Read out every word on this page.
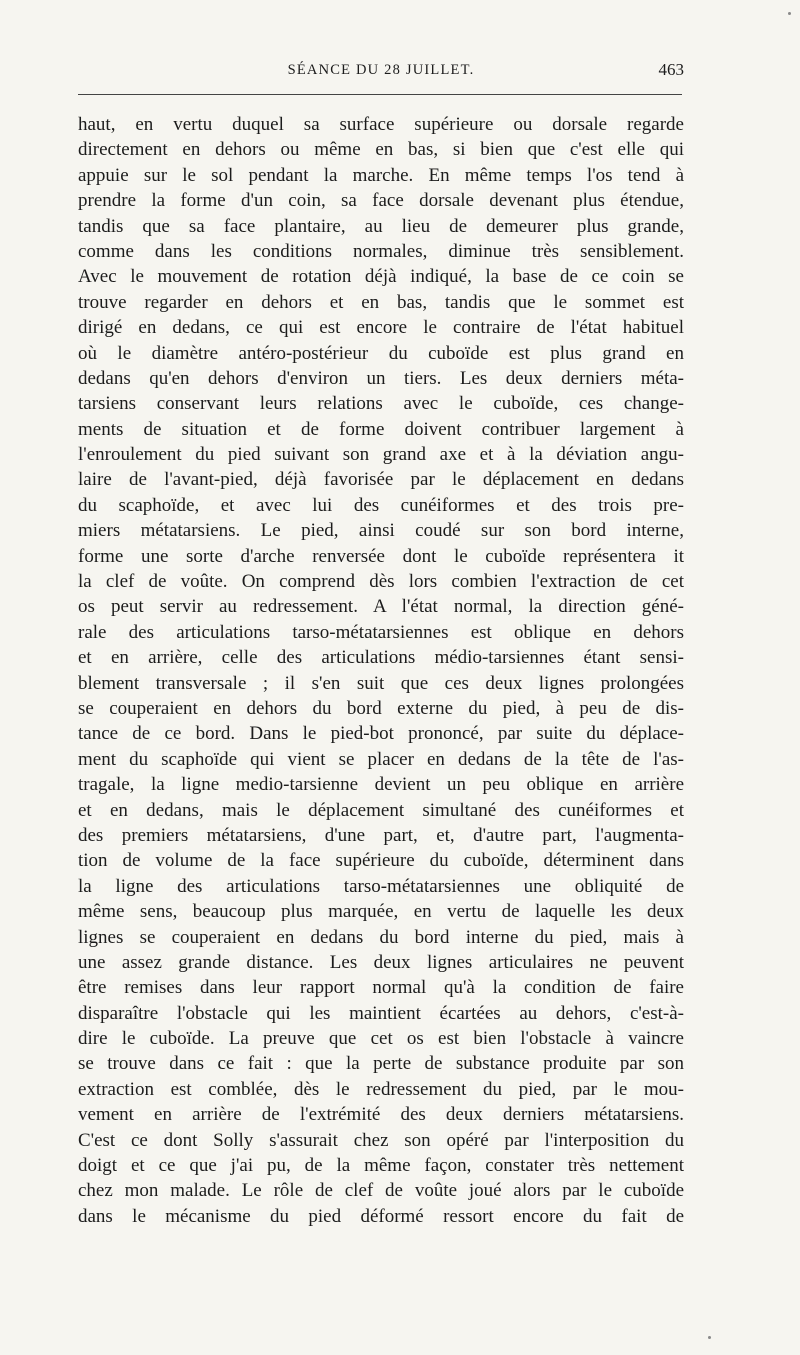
SÉANCE DU 28 JUILLET.	463
haut, en vertu duquel sa surface supérieure ou dorsale regarde
directement en dehors ou même en bas, si bien que c'est elle qui
appuie sur le sol pendant la marche. En même temps l'os tend à
prendre la forme d'un coin, sa face dorsale devenant plus étendue,
tandis que sa face plantaire, au lieu de demeurer plus grande,
comme dans les conditions normales, diminue très sensiblement.
Avec le mouvement de rotation déjà indiqué, la base de ce coin se
trouve regarder en dehors et en bas, tandis que le sommet est
dirigé en dedans, ce qui est encore le contraire de l'état habituel
où le diamètre antéro-postérieur du cuboïde est plus grand en
dedans qu'en dehors d'environ un tiers. Les deux derniers méta-
tarsiens conservant leurs relations avec le cuboïde, ces change-
ments de situation et de forme doivent contribuer largement à
l'enroulement du pied suivant son grand axe et à la déviation angu-
laire de l'avant-pied, déjà favorisée par le déplacement en dedans
du scaphoïde, et avec lui des cunéiformes et des trois pre-
miers métatarsiens. Le pied, ainsi coudé sur son bord interne,
forme une sorte d'arche renversée dont le cuboïde représentera it
la clef de voûte. On comprend dès lors combien l'extraction de cet
os peut servir au redressement. A l'état normal, la direction géné-
rale des articulations tarso-métatarsiennes est oblique en dehors
et en arrière, celle des articulations médio-tarsiennes étant sensi-
blement transversale ; il s'en suit que ces deux lignes prolongées
se couperaient en dehors du bord externe du pied, à peu de dis-
tance de ce bord. Dans le pied-bot prononcé, par suite du déplace-
ment du scaphoïde qui vient se placer en dedans de la tête de l'as-
tragale, la ligne medio-tarsienne devient un peu oblique en arrière
et en dedans, mais le déplacement simultané des cunéiformes et
des premiers métatarsiens, d'une part, et, d'autre part, l'augmenta-
tion de volume de la face supérieure du cuboïde, déterminent dans
la ligne des articulations tarso-métatarsiennes une obliquité de
même sens, beaucoup plus marquée, en vertu de laquelle les deux
lignes se couperaient en dedans du bord interne du pied, mais à
une assez grande distance. Les deux lignes articulaires ne peuvent
être remises dans leur rapport normal qu'à la condition de faire
disparaître l'obstacle qui les maintient écartées au dehors, c'est-à-
dire le cuboïde. La preuve que cet os est bien l'obstacle à vaincre
se trouve dans ce fait : que la perte de substance produite par son
extraction est comblée, dès le redressement du pied, par le mou-
vement en arrière de l'extrémité des deux derniers métatarsiens.
C'est ce dont Solly s'assurait chez son opéré par l'interposition du
doigt et ce que j'ai pu, de la même façon, constater très nettement
chez mon malade. Le rôle de clef de voûte joué alors par le cuboïde
dans le mécanisme du pied déformé ressort encore du fait de
